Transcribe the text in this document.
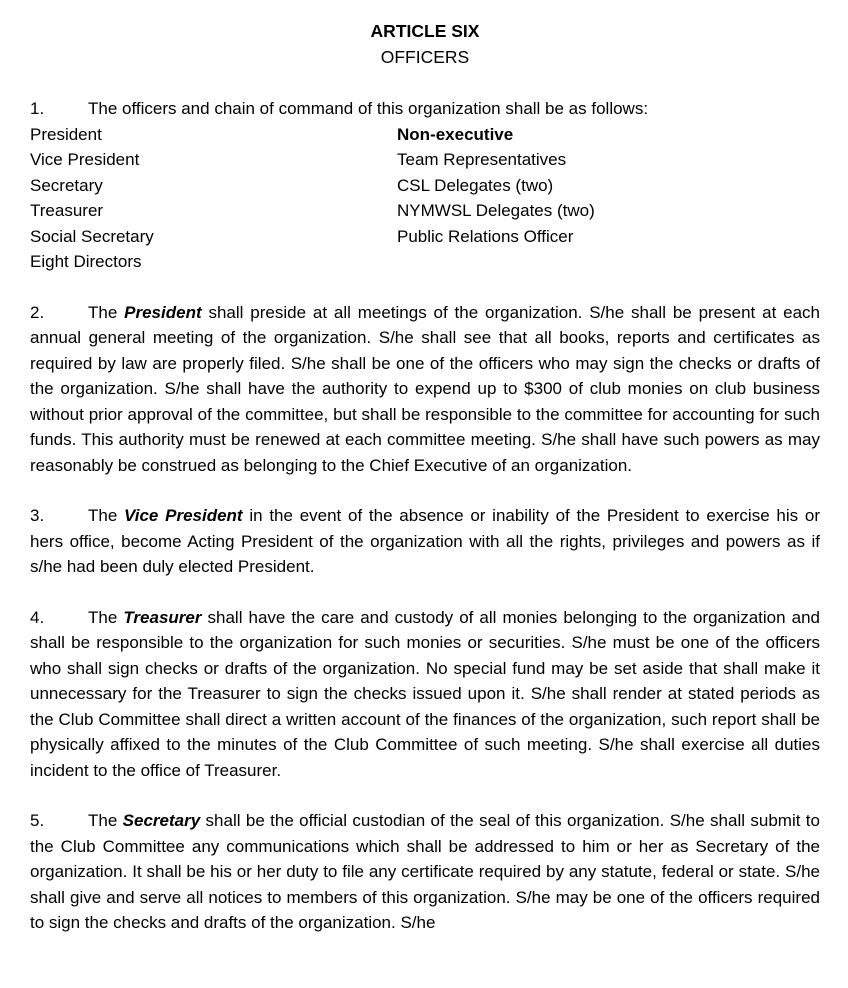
ARTICLE SIX
OFFICERS

1.	The officers and chain of command of this organization shall be as follows:

President	Non-executive
Vice President	Team Representatives
Secretary	CSL Delegates (two)
Treasurer	NYMWSL Delegates (two)
Social Secretary	Public Relations Officer
Eight Directors

2.	The President shall preside at all meetings of the organization. S/he shall be present at each annual general meeting of the organization. S/he shall see that all books, reports and certificates as required by law are properly filed. S/he shall be one of the officers who may sign the checks or drafts of the organization. S/he shall have the authority to expend up to $300 of club monies on club business without prior approval of the committee, but shall be responsible to the committee for accounting for such funds. This authority must be renewed at each committee meeting. S/he shall have such powers as may reasonably be construed as belonging to the Chief Executive of an organization.

3.	The Vice President in the event of the absence or inability of the President to exercise his or hers office, become Acting President of the organization with all the rights, privileges and powers as if s/he had been duly elected President.

4.	The Treasurer shall have the care and custody of all monies belonging to the organization and shall be responsible to the organization for such monies or securities. S/he must be one of the officers who shall sign checks or drafts of the organization. No special fund may be set aside that shall make it unnecessary for the Treasurer to sign the checks issued upon it. S/he shall render at stated periods as the Club Committee shall direct a written account of the finances of the organization, such report shall be physically affixed to the minutes of the Club Committee of such meeting. S/he shall exercise all duties incident to the office of Treasurer.

5.	The Secretary shall be the official custodian of the seal of this organization. S/he shall submit to the Club Committee any communications which shall be addressed to him or her as Secretary of the organization. It shall be his or her duty to file any certificate required by any statute, federal or state. S/he shall give and serve all notices to members of this organization. S/he may be one of the officers required to sign the checks and drafts of the organization. S/he
